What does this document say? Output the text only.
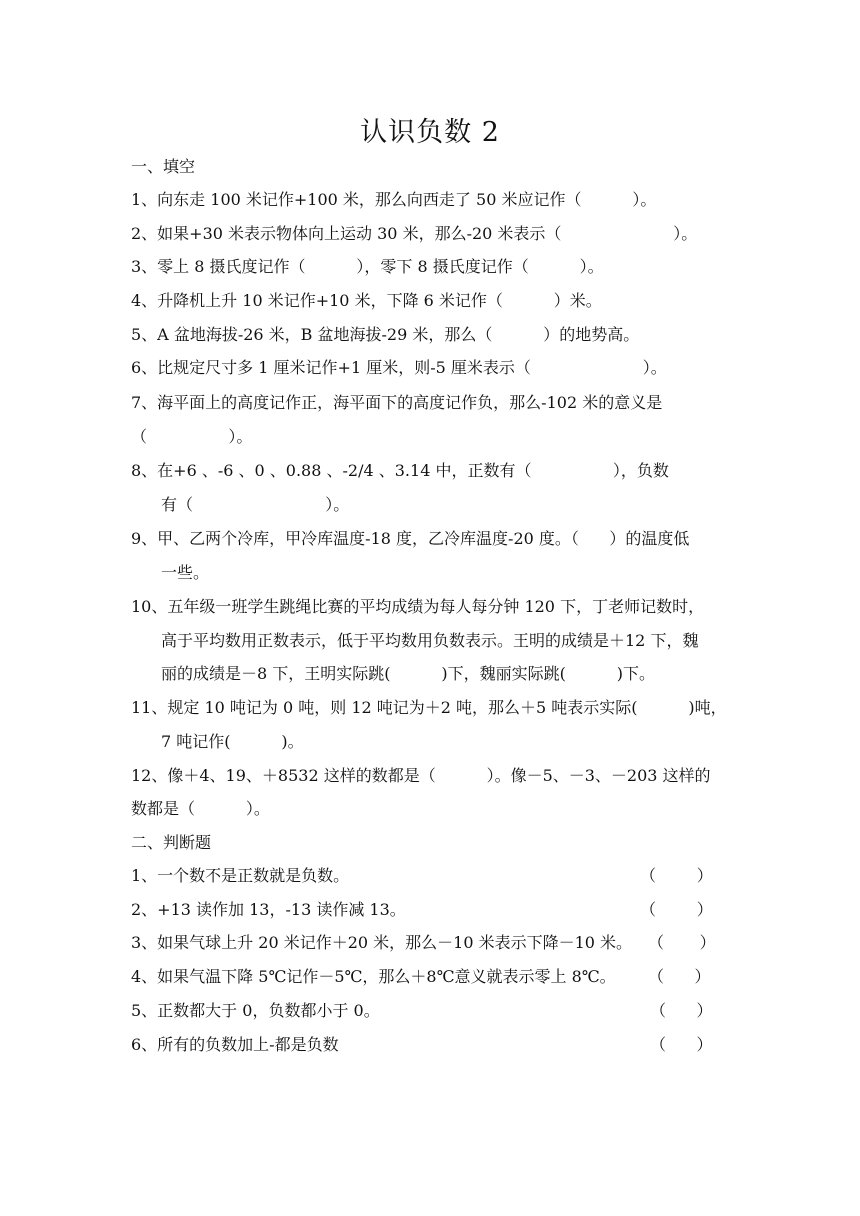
认识负数 2
一、填空
1、向东走 100 米记作+100 米，那么向西走了 50 米应记作（          ）。
2、如果+30 米表示物体向上运动 30 米，那么-20 米表示（                      ）。
3、零上 8 摄氏度记作（          ），零下 8 摄氏度记作（          ）。
4、升降机上升 10 米记作+10 米，下降 6 米记作（          ）米。
5、A 盆地海拔-26 米，B 盆地海拔-29 米，那么（          ）的地势高。
6、比规定尺寸多 1 厘米记作+1 厘米，则-5 厘米表示（                      ）。
7、海平面上的高度记作正，海平面下的高度记作负，那么-102 米的意义是
（                ）。
8、在+6 、-6 、0 、0.88 、-2/4 、3.14 中，正数有（                ），负数
有（                          ）。
9、甲、乙两个冷库，甲冷库温度-18 度，乙冷库温度-20 度。（      ）的温度低
一些。
10、五年级一班学生跳绳比赛的平均成绩为每人每分钟 120 下，丁老师记数时，
高于平均数用正数表示，低于平均数用负数表示。王明的成绩是＋12 下，魏
丽的成绩是－8 下，王明实际跳(          )下，魏丽实际跳(          )下。
11、规定 10 吨记为 0 吨，则 12 吨记为＋2 吨，那么＋5 吨表示实际(          )吨，
7 吨记作(          )。
12、像＋4、19、＋8532 这样的数都是（          ）。像－5、－3、－203 这样的
数都是（          ）。
二、判断题
1、一个数不是正数就是负数。	（        ）
2、+13 读作加 13，-13 读作减 13。	（        ）
3、如果气球上升 20 米记作＋20 米，那么－10 米表示下降－10 米。 （       ）
4、如果气温下降 5℃记作－5℃，那么＋8℃意义就表示零上 8℃。 （      ）
5、正数都大于 0，负数都小于 0。	（      ）
6、所有的负数加上-都是负数	（      ）
